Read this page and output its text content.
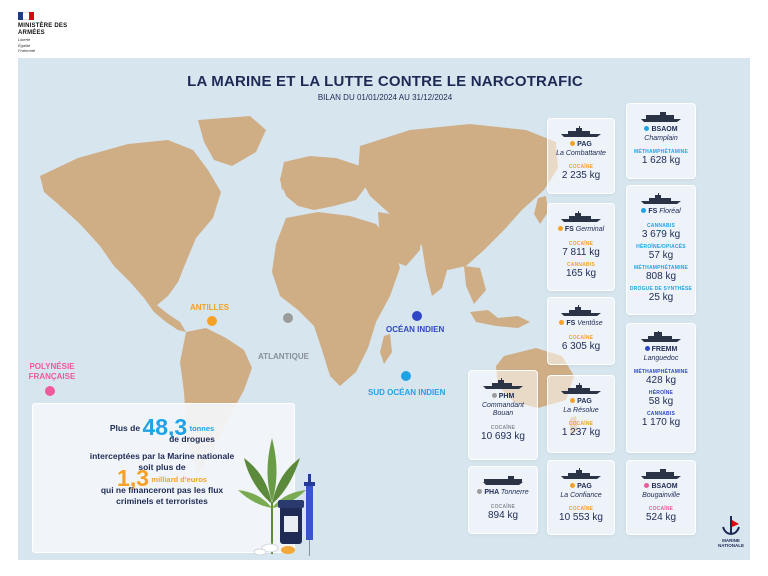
MINISTÈRE DES ARMÉES
Liberté
Égalité
Fraternité
LA MARINE ET LA LUTTE CONTRE LE NARCOTRAFIC
BILAN DU 01/01/2024 AU 31/12/2024
ANTILLES
ATLANTIQUE
OCÉAN INDIEN
SUD OCÉAN INDIEN
POLYNÉSIE
FRANÇAISE
PAG
La Combattante
COCAÏNE
2 235 kg
BSAOM
Champlain
MÉTHAMPHÉTAMINE
1 628 kg
FS Germinal
COCAÏNE
7 811 kg
CANNABIS
165 kg
FS Floréal
CANNABIS
3 679 kg
HÉROÏNE/OPIACÉS
57 kg
MÉTHAMPHÉTAMINE
808 kg
DROGUE DE SYNTHÈSE
25 kg
FS Ventôse
COCAÏNE
6 305 kg	FREMM
Languedoc
MÉTHAMPHÉTAMINE
428 kg
HÉROÏNE
58 kg
CANNABIS
1 170 kg
PHM
Commandant Bouan
COCAÏNE
10 693 kg
PAG
La Résolue
COCAÏNE
1 237 kg
PHA Tonnerre
COCAÏNE
894 kg
PAG
La Confiance
COCAÏNE
10 553 kg
BSAOM
Bougainville
COCAÏNE
524 kg
Plus de 48,3 tonnes
de drogues
interceptées par la Marine nationale
soit plus de
1,3 milliard d'euros
qui ne financeront pas les flux
criminels et terroristes
MARINE
NATIONALE
